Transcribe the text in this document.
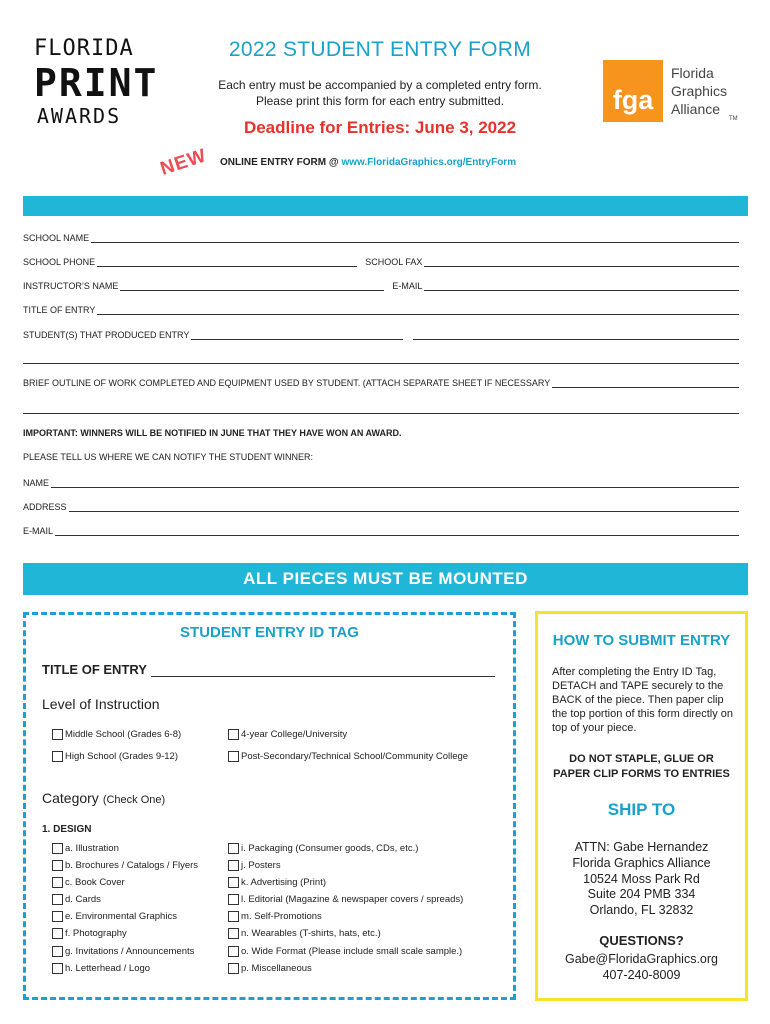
FLORIDA
PRINT
AWARDS
2022 STUDENT ENTRY FORM
Each entry must be accompanied by a completed entry form.
Please print this form for each entry submitted.
Deadline for Entries: June 3, 2022
NEW ONLINE ENTRY FORM @ www.FloridaGraphics.org/EntryForm
fga
Florida
Graphics
Alliance
TM
SCHOOL NAME
SCHOOL PHONE	SCHOOL FAX
INSTRUCTOR’S NAME	E-MAIL
TITLE OF ENTRY
STUDENT(S) THAT PRODUCED ENTRY
BRIEF OUTLINE OF WORK COMPLETED AND EQUIPMENT USED BY STUDENT. (ATTACH SEPARATE SHEET IF NECESSARY
IMPORTANT: WINNERS WILL BE NOTIFIED IN JUNE THAT THEY HAVE WON AN AWARD.
PLEASE TELL US WHERE WE CAN NOTIFY THE STUDENT WINNER:
NAME
ADDRESS
E-MAIL
ALL PIECES MUST BE MOUNTED
STUDENT ENTRY ID TAG
TITLE OF ENTRY
Level of Instruction
Middle School (Grades 6-8)	4-year College/University
High School (Grades 9-12)	Post-Secondary/Technical School/Community College
Category (Check One)
1. DESIGN
a. Illustration
b. Brochures / Catalogs / Flyers
c. Book Cover
d. Cards
e. Environmental Graphics
f. Photography
g. Invitations / Announcements
h. Letterhead / Logo
i. Packaging (Consumer goods, CDs, etc.)
j. Posters
k. Advertising (Print)
l. Editorial (Magazine & newspaper covers / spreads)
m. Self-Promotions
n. Wearables (T-shirts, hats, etc.)
o. Wide Format (Please include small scale sample.)
p. Miscellaneous
HOW TO SUBMIT ENTRY
After completing the Entry ID Tag, DETACH and TAPE securely to the BACK of the piece. Then paper clip the top portion of this form directly on top of your piece.
DO NOT STAPLE, GLUE OR
PAPER CLIP FORMS TO ENTRIES
SHIP TO
ATTN: Gabe Hernandez
Florida Graphics Alliance
10524 Moss Park Rd
Suite 204 PMB 334
Orlando, FL 32832
QUESTIONS?
Gabe@FloridaGraphics.org
407-240-8009
